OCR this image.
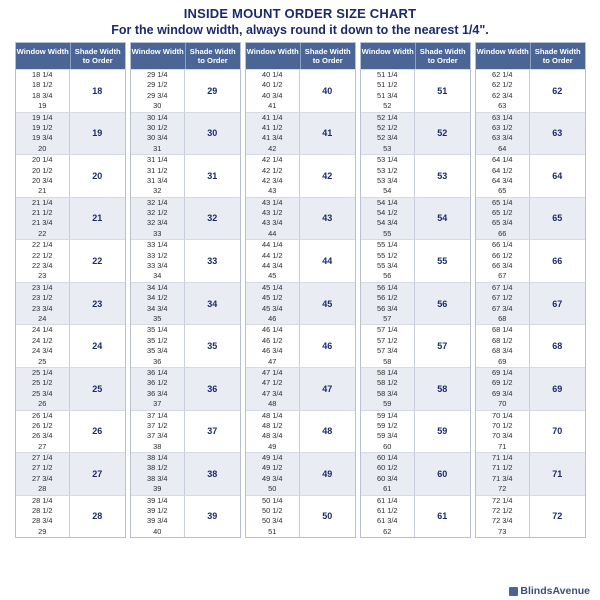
INSIDE MOUNT ORDER SIZE CHART
For the window width, always round it down to the nearest 1/4".
Window Width Shade Width to Order
18 1/4
18 1/2
18 3/4
19
18
19 1/4
19 1/2
19 3/4
20
19
20 1/4
20 1/2
20 3/4
21
20
21 1/4
21 1/2
21 3/4
22
21
22 1/4
22 1/2
22 3/4
23
22
23 1/4
23 1/2
23 3/4
24
23
24 1/4
24 1/2
24 3/4
25
24
25 1/4
25 1/2
25 3/4
26
25
26 1/4
26 1/2
26 3/4
27
26
27 1/4
27 1/2
27 3/4
28
27
28 1/4
28 1/2
28 3/4
29
28
Window Width Shade Width to Order
29 1/4
29 1/2
29 3/4
30
29
30 1/4
30 1/2
30 3/4
31
30
31 1/4
31 1/2
31 3/4
32
31
32 1/4
32 1/2
32 3/4
33
32
33 1/4
33 1/2
33 3/4
34
33
34 1/4
34 1/2
34 3/4
35
34
35 1/4
35 1/2
35 3/4
36
35
36 1/4
36 1/2
36 3/4
37
36
37 1/4
37 1/2
37 3/4
38
37
38 1/4
38 1/2
38 3/4
39
38
39 1/4
39 1/2
39 3/4
40
39
Window Width Shade Width to Order
40 1/4
40 1/2
40 3/4
41
40
41 1/4
41 1/2
41 3/4
42
41
42 1/4
42 1/2
42 3/4
43
42
43 1/4
43 1/2
43 3/4
44
43
44 1/4
44 1/2
44 3/4
45
44
45 1/4
45 1/2
45 3/4
46
45
46 1/4
46 1/2
46 3/4
47
46
47 1/4
47 1/2
47 3/4
48
47
48 1/4
48 1/2
48 3/4
49
48
49 1/4
49 1/2
49 3/4
50
49
50 1/4
50 1/2
50 3/4
51
50
Window Width Shade Width to Order
51 1/4
51 1/2
51 3/4
52
51
52 1/4
52 1/2
52 3/4
53
52
53 1/4
53 1/2
53 3/4
54
53
54 1/4
54 1/2
54 3/4
55
54
55 1/4
55 1/2
55 3/4
56
55
56 1/4
56 1/2
56 3/4
57
56
57 1/4
57 1/2
57 3/4
58
57
58 1/4
58 1/2
58 3/4
59
58
59 1/4
59 1/2
59 3/4
60
59
60 1/4
60 1/2
60 3/4
61
60
61 1/4
61 1/2
61 3/4
62
61
Window Width Shade Width to Order
62 1/4
62 1/2
62 3/4
63
62
63 1/4
63 1/2
63 3/4
64
63
64 1/4
64 1/2
64 3/4
65
64
65 1/4
65 1/2
65 3/4
66
65
66 1/4
66 1/2
66 3/4
67
66
67 1/4
67 1/2
67 3/4
68
67
68 1/4
68 1/2
68 3/4
69
68
69 1/4
69 1/2
69 3/4
70
69
70 1/4
70 1/2
70 3/4
71
70
71 1/4
71 1/2
71 3/4
72
71
72 1/4
72 1/2
72 3/4
73
72
BlindsAvenue
